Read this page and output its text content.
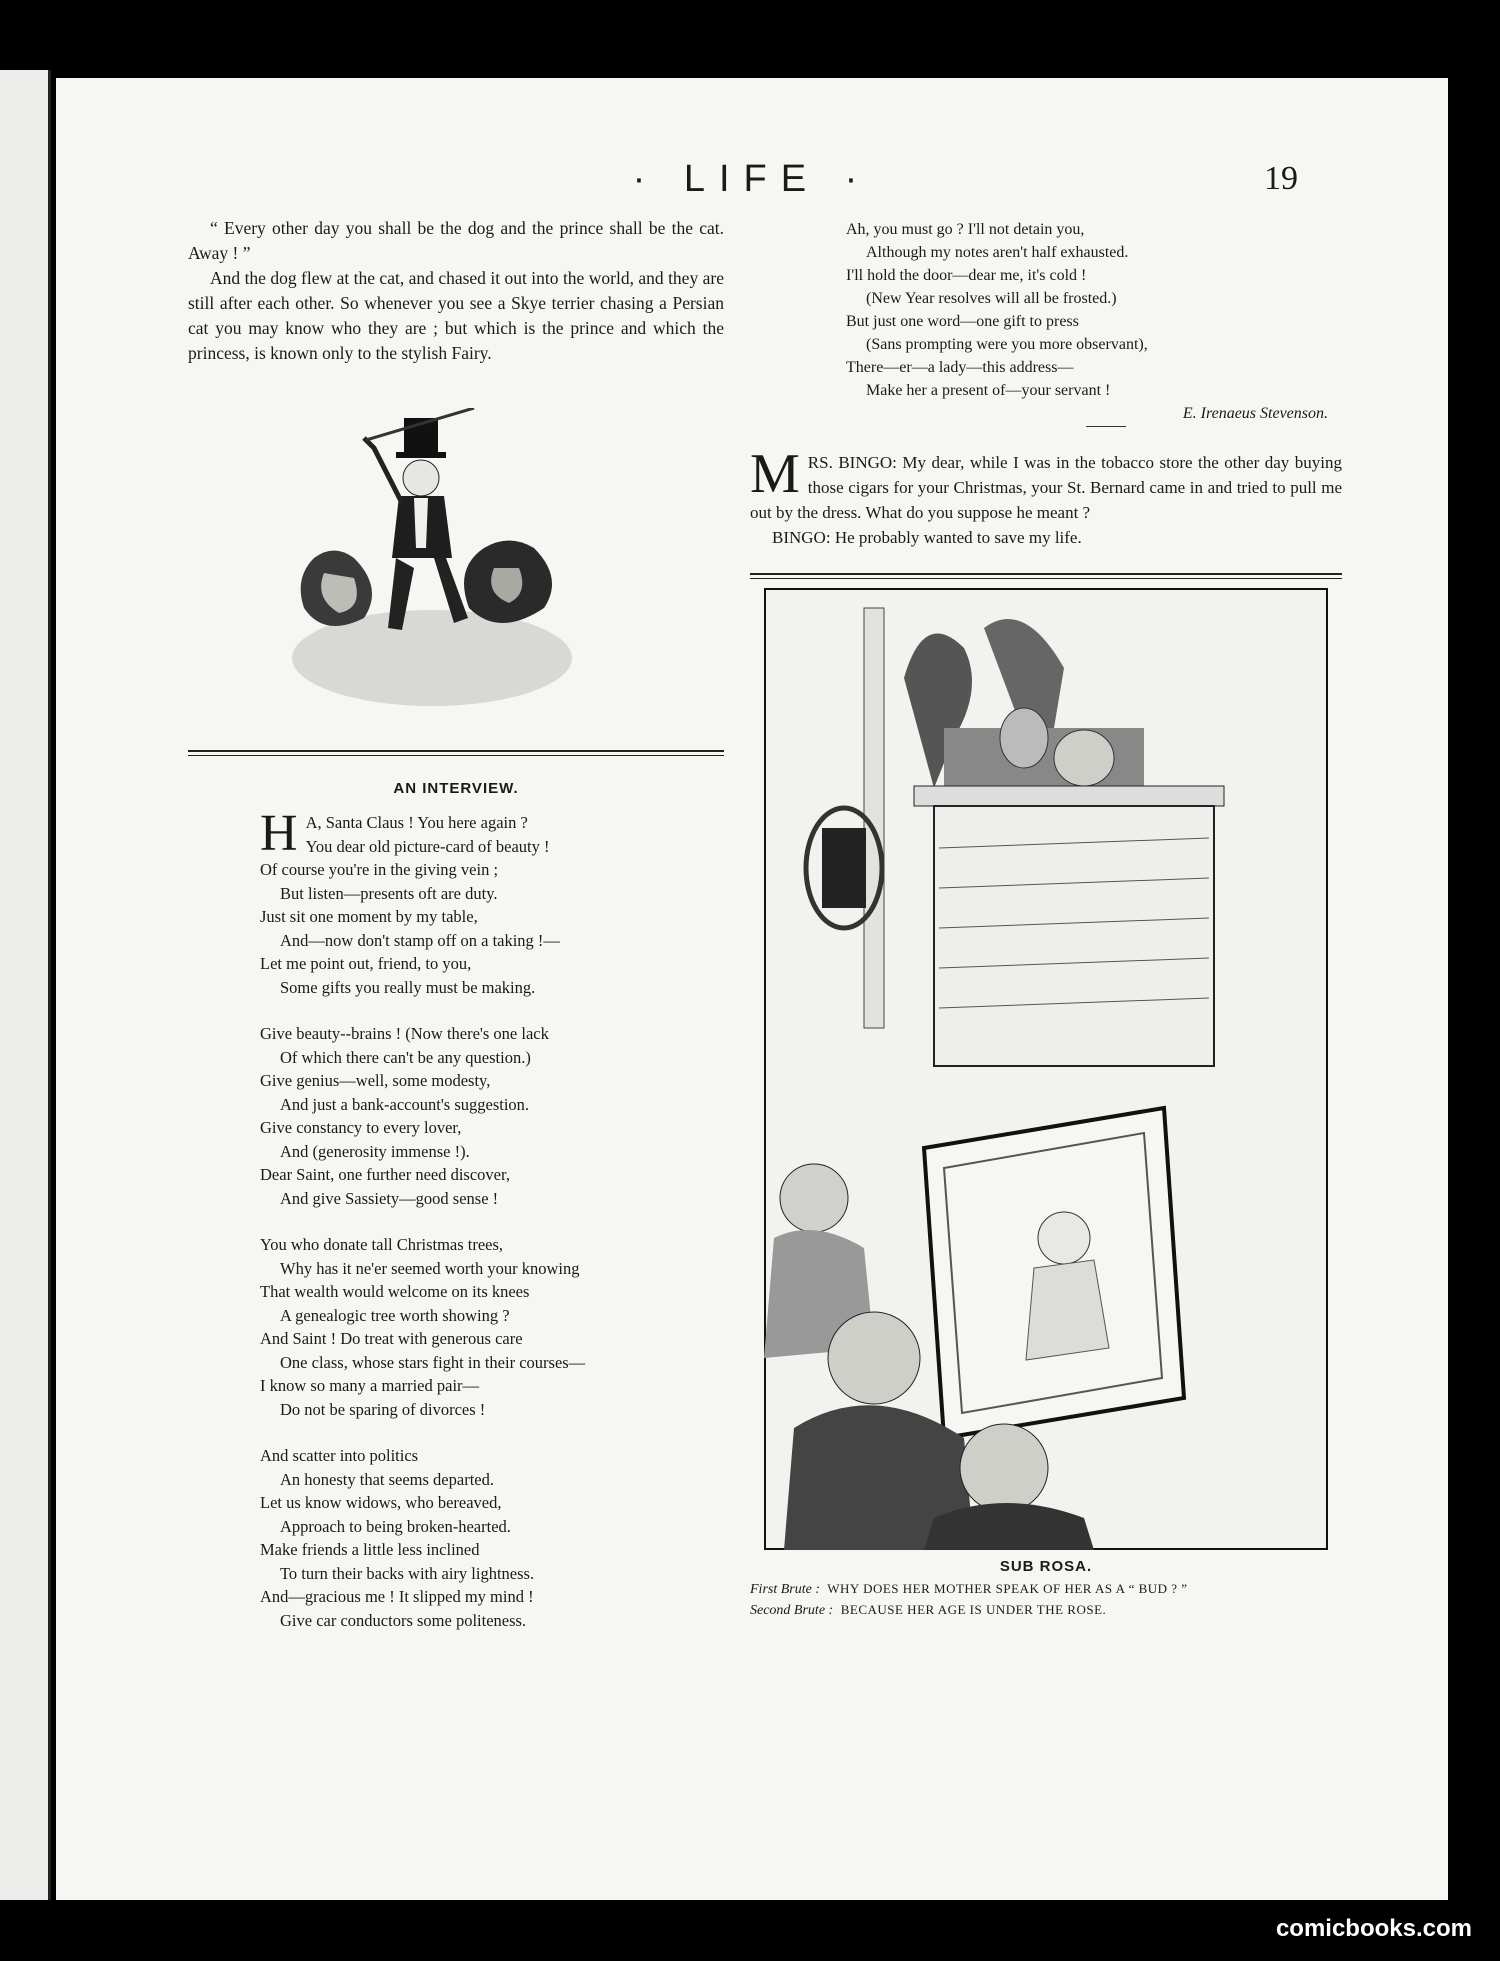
· LIFE ·	19

“ Every other day you shall be the dog and the prince shall be the cat. Away ! ”

And the dog flew at the cat, and chased it out into the world, and they are still after each other. So whenever you see a Skye terrier chasing a Persian cat you may know who they are ; but which is the prince and which the princess, is known only to the stylish Fairy.

AN INTERVIEW.
H A, Santa Claus ! You here again ?
You dear old picture-card of beauty !
Of course you're in the giving vein ;
But listen—presents oft are duty.
Just sit one moment by my table,
And—now don't stamp off on a taking !—
Let me point out, friend, to you,
Some gifts you really must be making.
Give beauty--brains ! (Now there's one lack
Of which there can't be any question.)
Give genius—well, some modesty,
And just a bank-account's suggestion.
Give constancy to every lover,
And (generosity immense !).
Dear Saint, one further need discover,
And give Sassiety—good sense !
You who donate tall Christmas trees,
Why has it ne'er seemed worth your knowing
That wealth would welcome on its knees
A genealogic tree worth showing ?
And Saint ! Do treat with generous care
One class, whose stars fight in their courses—
I know so many a married pair—
Do not be sparing of divorces !
And scatter into politics
An honesty that seems departed.
Let us know widows, who bereaved,
Approach to being broken-hearted.
Make friends a little less inclined
To turn their backs with airy lightness.
And—gracious me ! It slipped my mind !
Give car conductors some politeness.
Ah, you must go ? I'll not detain you,
Although my notes aren't half exhausted.
I'll hold the door—dear me, it's cold !
(New Year resolves will all be frosted.)
But just one word—one gift to press
(Sans prompting were you more observant),
There—er—a lady—this address—
Make her a present of—your servant !
E. Irenaeus Stevenson.

MRS. BINGO: My dear, while I was in the tobacco store the other day buying those cigars for your Christmas, your St. Bernard came in and tried to pull me out by the dress. What do you suppose he meant ?

BINGO: He probably wanted to save my life.

SUB ROSA.
First Brute : WHY DOES HER MOTHER SPEAK OF HER AS A “ BUD ? ”
Second Brute : BECAUSE HER AGE IS UNDER THE ROSE.
comicbooks.com
